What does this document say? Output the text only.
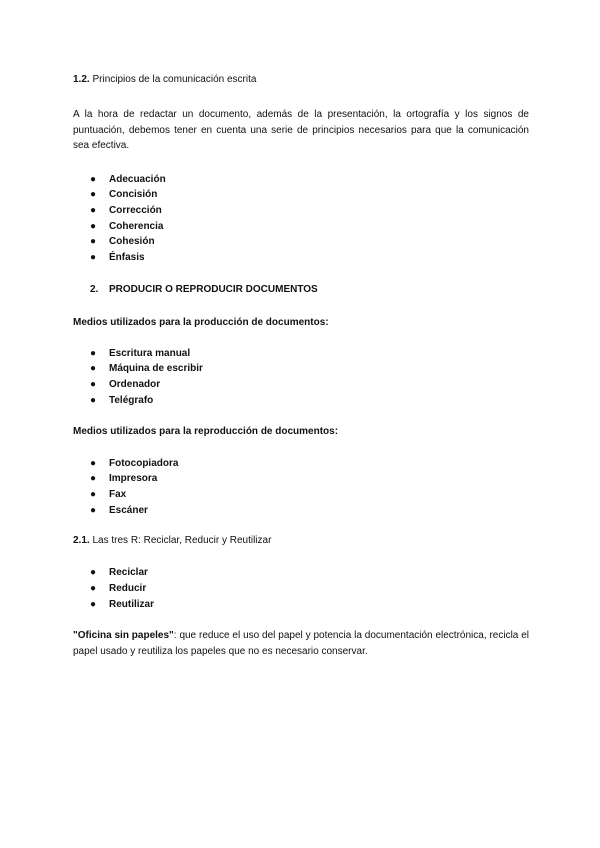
1.2. Principios de la comunicación escrita

A la hora de redactar un documento, además de la presentación, la ortografía y los signos de puntuación, debemos tener en cuenta una serie de principios necesarios para que la comunicación sea efectiva.

● Adecuación
● Concisión
● Corrección
● Coherencia
● Cohesión
● Énfasis
2. PRODUCIR O REPRODUCIR DOCUMENTOS

Medios utilizados para la producción de documentos:

● Escritura manual
● Máquina de escribir
● Ordenador
● Telégrafo

Medios utilizados para la reproducción de documentos:

● Fotocopiadora
● Impresora
● Fax
● Escáner

2.1. Las tres R: Reciclar, Reducir y Reutilizar

● Reciclar
● Reducir
● Reutilizar

"Oficina sin papeles": que reduce el uso del papel y potencia la documentación electrónica, recicla el papel usado y reutiliza los papeles que no es necesario conservar.
